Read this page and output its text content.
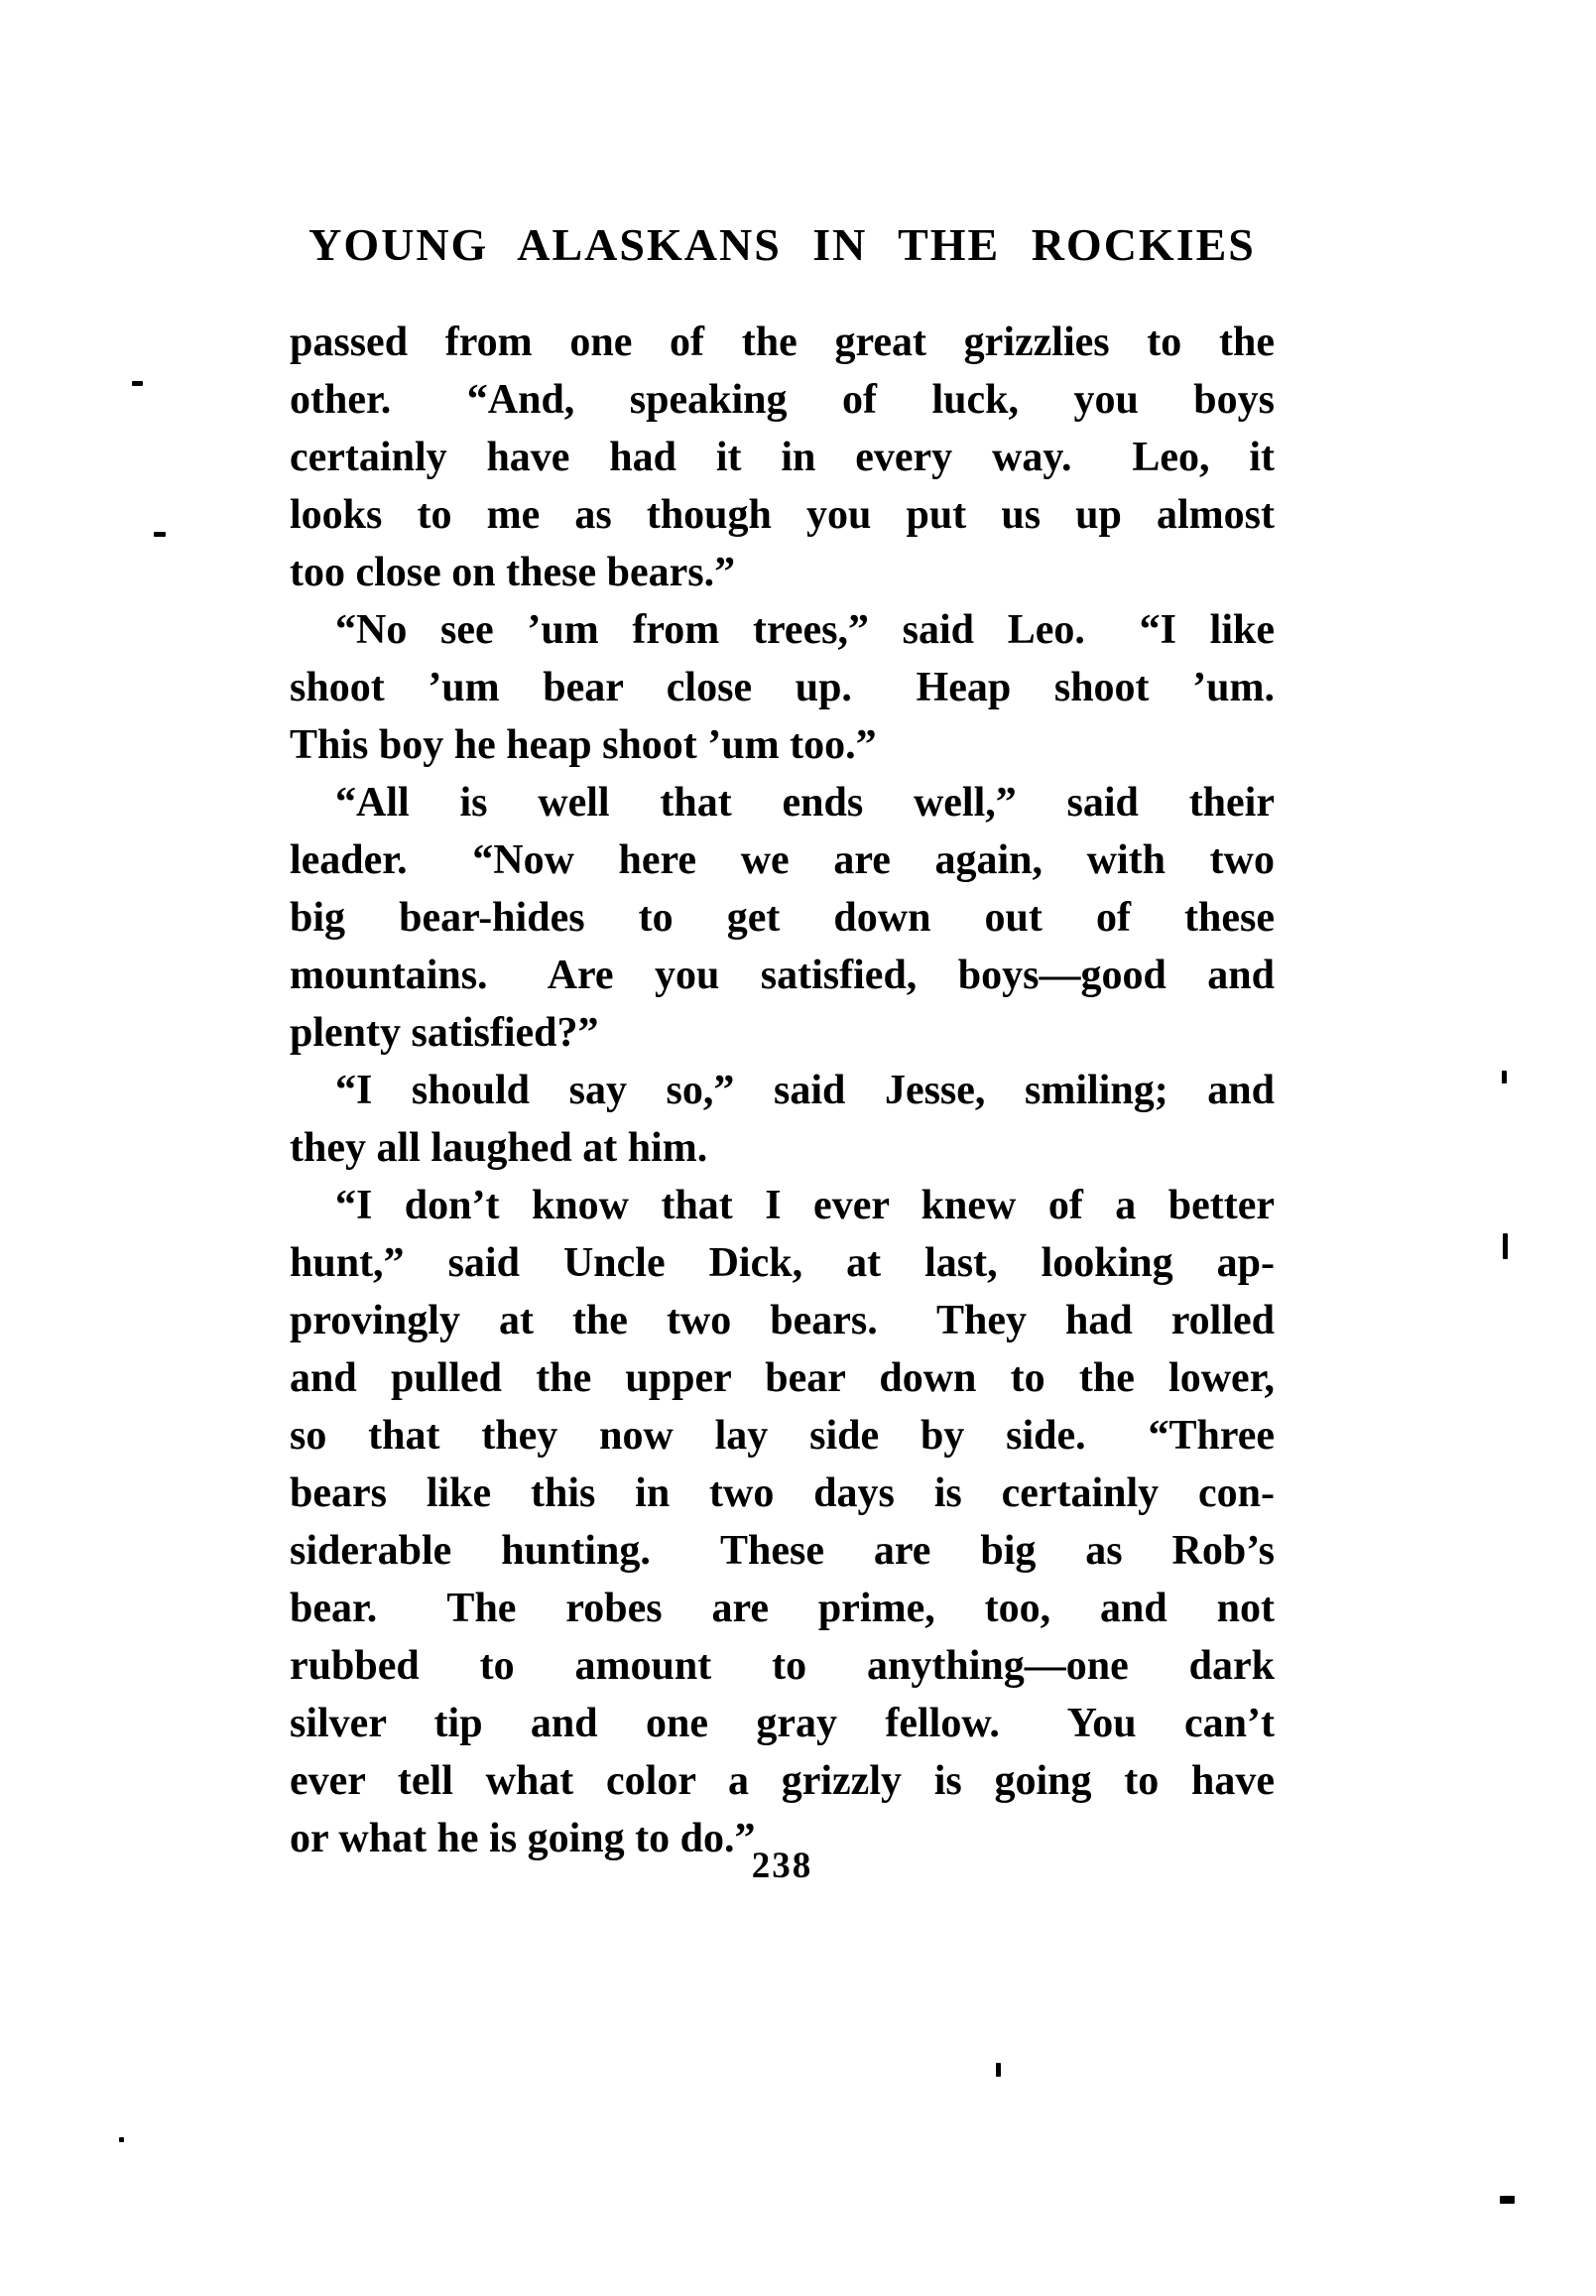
YOUNG ALASKANS IN THE ROCKIES
passed from one of the great grizzlies to the
other.  “And, speaking of luck, you boys
certainly have had it in every way.  Leo, it
looks to me as though you put us up almost
too close on these bears.”
“No see ’um from trees,” said Leo.  “I like
shoot ’um bear close up.  Heap shoot ’um.
This boy he heap shoot ’um too.”
“All is well that ends well,” said their
leader.  “Now here we are again, with two
big bear-hides to get down out of these
mountains.  Are you satisfied, boys—good and
plenty satisfied?”
“I should say so,” said Jesse, smiling; and
they all laughed at him.
“I don’t know that I ever knew of a better
hunt,” said Uncle Dick, at last, looking ap-
provingly at the two bears.  They had rolled
and pulled the upper bear down to the lower,
so that they now lay side by side.  “Three
bears like this in two days is certainly con-
siderable hunting.  These are big as Rob’s
bear.  The robes are prime, too, and not
rubbed to amount to anything—one dark
silver tip and one gray fellow.  You can’t
ever tell what color a grizzly is going to have
or what he is going to do.”
238
